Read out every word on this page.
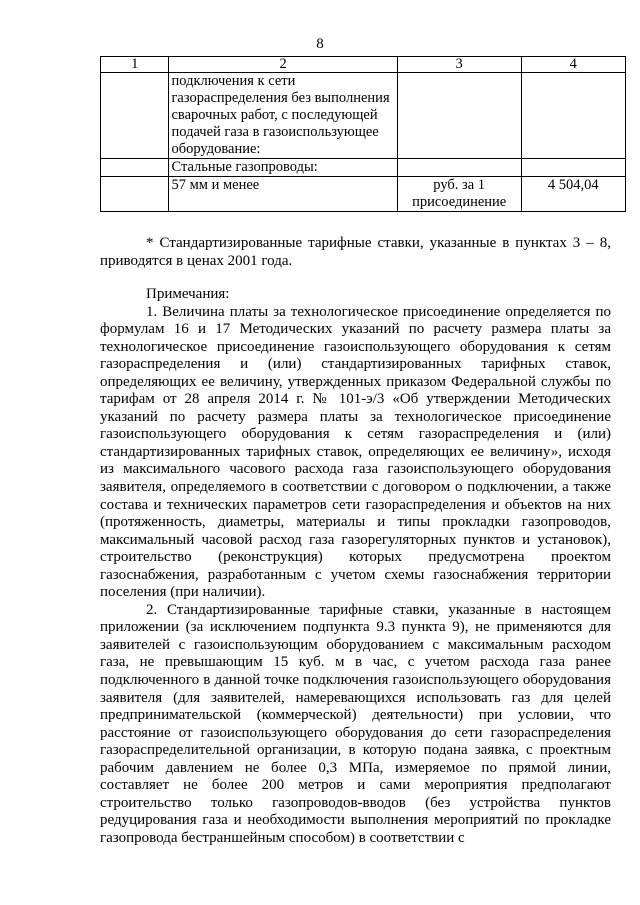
8
1	2	3	4
	подключения к сети газораспределения без выполнения сварочных работ, с последующей подачей газа в газоиспользующее оборудование:		
	Стальные газопроводы:		
	57 мм и менее	руб. за 1 присоединение	4 504,04

* Стандартизированные тарифные ставки, указанные в пунктах 3 – 8, приводятся в ценах 2001 года.

Примечания:

1. Величина платы за технологическое присоединение определяется по формулам 16 и 17 Методических указаний по расчету размера платы за технологическое присоединение газоиспользующего оборудования к сетям газораспределения и (или) стандартизированных тарифных ставок, определяющих ее величину, утвержденных приказом Федеральной службы по тарифам от 28 апреля 2014 г. № 101-э/3 «Об утверждении Методических указаний по расчету размера платы за технологическое присоединение газоиспользующего оборудования к сетям газораспределения и (или) стандартизированных тарифных ставок, определяющих ее величину», исходя из максимального часового расхода газа газоиспользующего оборудования заявителя, определяемого в соответствии с договором о подключении, а также состава и технических параметров сети газораспределения и объектов на них (протяженность, диаметры, материалы и типы прокладки газопроводов, максимальный часовой расход газа газорегуляторных пунктов и установок), строительство (реконструкция) которых предусмотрена проектом газоснабжения, разработанным с учетом схемы газоснабжения территории поселения (при наличии).

2. Стандартизированные тарифные ставки, указанные в настоящем приложении (за исключением подпункта 9.3 пункта 9), не применяются для заявителей с газоиспользующим оборудованием с максимальным расходом газа, не превышающим 15 куб. м в час, с учетом расхода газа ранее подключенного в данной точке подключения газоиспользующего оборудования заявителя (для заявителей, намеревающихся использовать газ для целей предпринимательской (коммерческой) деятельности) при условии, что расстояние от газоиспользующего оборудования до сети газораспределения газораспределительной организации, в которую подана заявка, с проектным рабочим давлением не более 0,3 МПа, измеряемое по прямой линии, составляет не более 200 метров и сами мероприятия предполагают строительство только газопроводов-вводов (без устройства пунктов редуцирования газа и необходимости выполнения мероприятий по прокладке газопровода бестраншейным способом) в соответствии с
